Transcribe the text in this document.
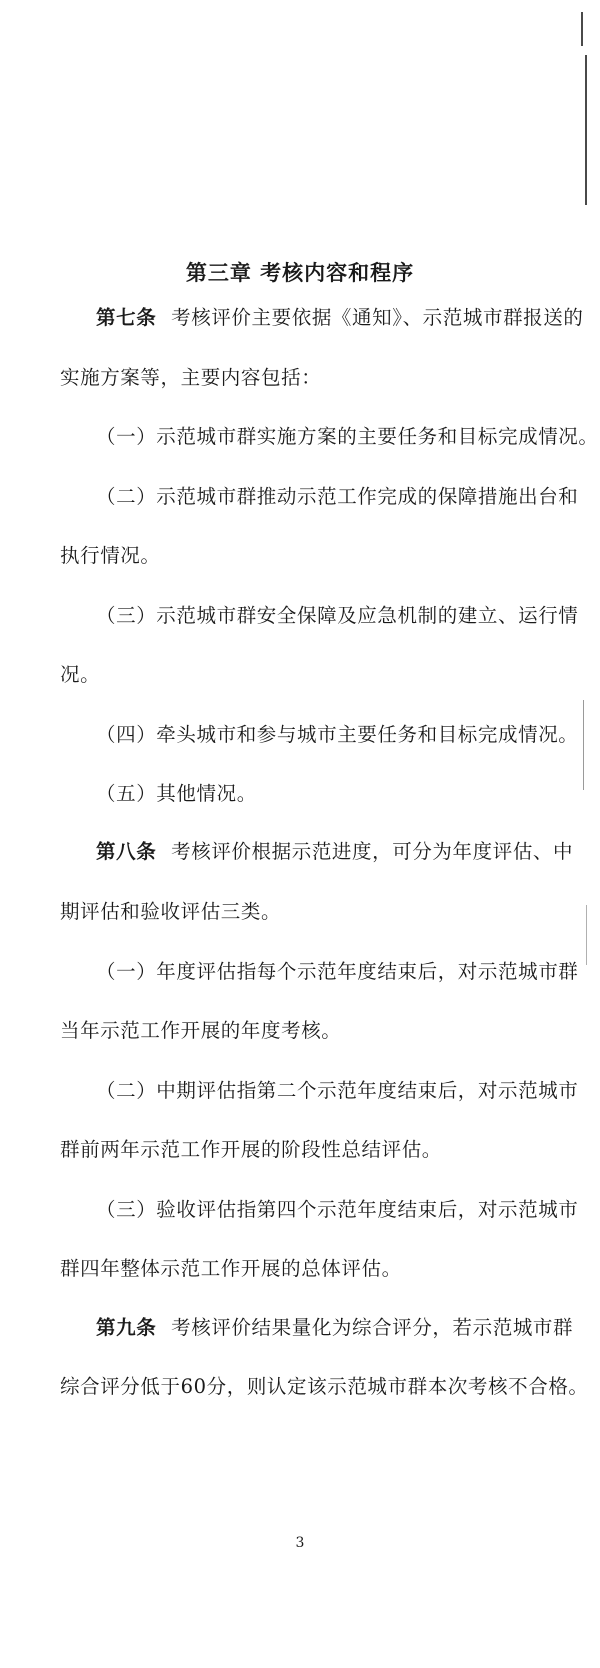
第三章 考核内容和程序
第七条 考核评价主要依据《通知》、示范城市群报送的
实施方案等，主要内容包括：
（一）示范城市群实施方案的主要任务和目标完成情况。
（二）示范城市群推动示范工作完成的保障措施出台和
执行情况。
（三）示范城市群安全保障及应急机制的建立、运行情
况。
（四）牵头城市和参与城市主要任务和目标完成情况。
（五）其他情况。
第八条 考核评价根据示范进度，可分为年度评估、中
期评估和验收评估三类。
（一）年度评估指每个示范年度结束后，对示范城市群
当年示范工作开展的年度考核。
（二）中期评估指第二个示范年度结束后，对示范城市
群前两年示范工作开展的阶段性总结评估。
（三）验收评估指第四个示范年度结束后，对示范城市
群四年整体示范工作开展的总体评估。
第九条 考核评价结果量化为综合评分，若示范城市群
综合评分低于60分，则认定该示范城市群本次考核不合格。
3
